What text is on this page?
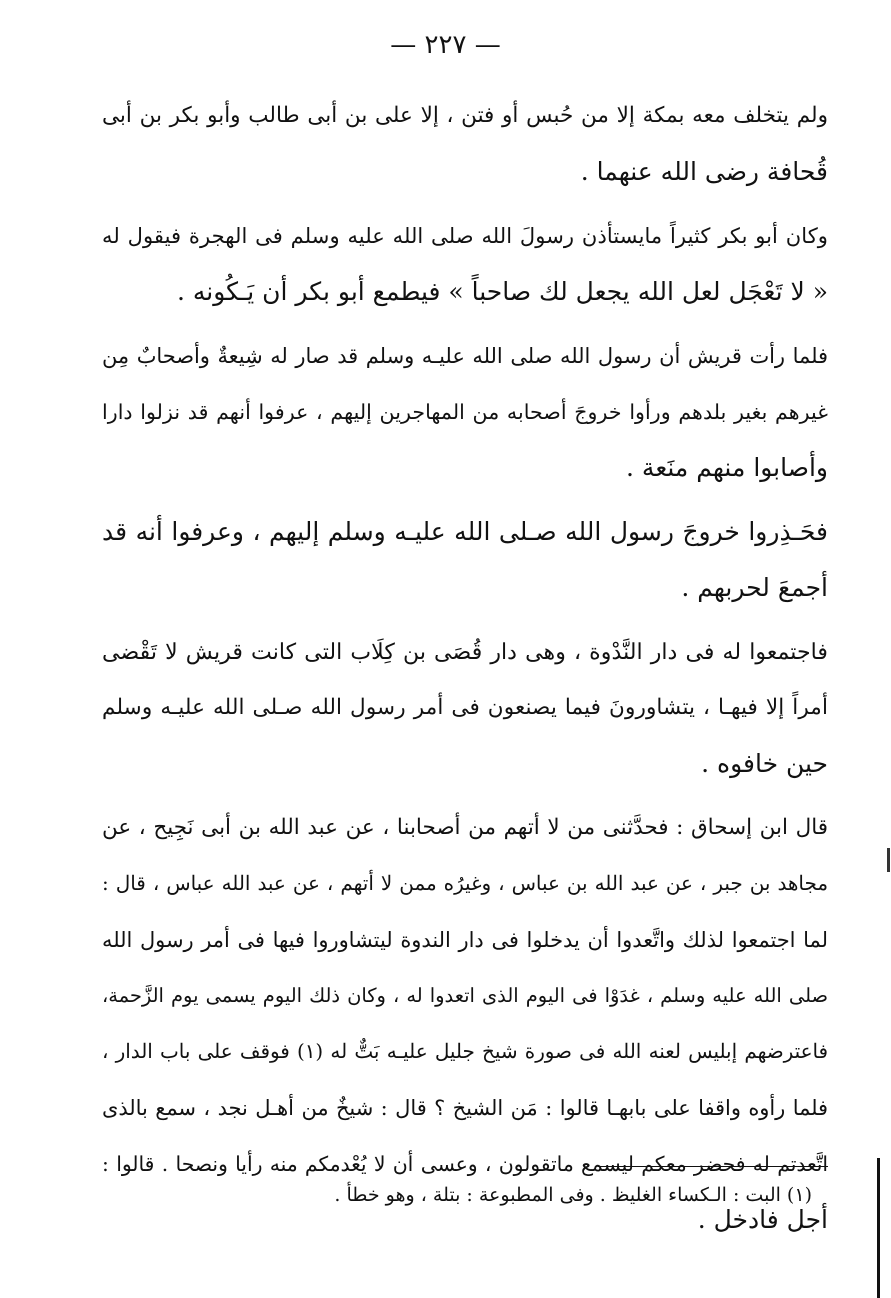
— ٢٢٧ —
ولم يتخلف معه بمكة إلا من حُبس أو فتن ، إلا على بن أبى طالب وأبو بكر بن أبى
قُحافة رضى الله عنهما .
وكان أبو بكر كثيراً مايستأذن رسولَ الله صلى الله عليه وسلم فى الهجرة فيقول له
« لا تَعْجَل لعل الله يجعل لك صاحباً » فيطمع أبو بكر أن يَـكُونه .
فلما رأت قريش أن رسول الله صلى الله عليـه وسلم قد صار له شِيعةٌ وأصحابٌ مِن
غيرهم بغير بلدهم ورأوا خروجَ أصحابه من المهاجرين إليهم ، عرفوا أنهم قد نزلوا دارا
وأصابوا منهم منَعة .
فحَـذِروا خروجَ رسول الله صـلى الله عليـه وسلم إليهم ، وعرفوا أنه قد
أجمعَ لحربهم .
فاجتمعوا له فى دار النَّدْوة ، وهى دار قُصَى بن كِلَاب التى كانت قريش لا تَقْضى
أمراً إلا فيهـا ، يتشاورونَ فيما يصنعون فى أمر رسول الله صـلى الله عليـه وسلم
حين خافوه .
قال ابن إسحاق : فحدَّثنى من لا أتهم من أصحابنا ، عن عبد الله بن أبى نَجِيح ، عن
مجاهد بن جبر ، عن عبد الله بن عباس ، وغيرُه ممن لا أتهم ، عن عبد الله عباس ، قال :
لما اجتمعوا لذلك واتَّعدوا أن يدخلوا فى دار الندوة ليتشاوروا فيها فى أمر رسول الله
صلى الله عليه وسلم ، غدَوْا فى اليوم الذى اتعدوا له ، وكان ذلك اليوم يسمى يوم الزَّحمة،
فاعترضهم إبليس لعنه الله فى صورة شيخ جليل عليـه بَتٌّ له (١) فوقف على باب الدار ،
فلما رأوه واقفا على بابهـا قالوا : مَن الشيخ ؟ قال : شيخٌ من أهـل نجد ، سمع بالذى
اتَّعدتم له فحضر معكم ليسمع ماتقولون ، وعسى أن لا يُعْدمكم منه رأيا ونصحا . قالوا :
أجل فادخل .
(١) البت : الـكساء الغليظ . وفى المطبوعة : بتلة ، وهو خطأ .
